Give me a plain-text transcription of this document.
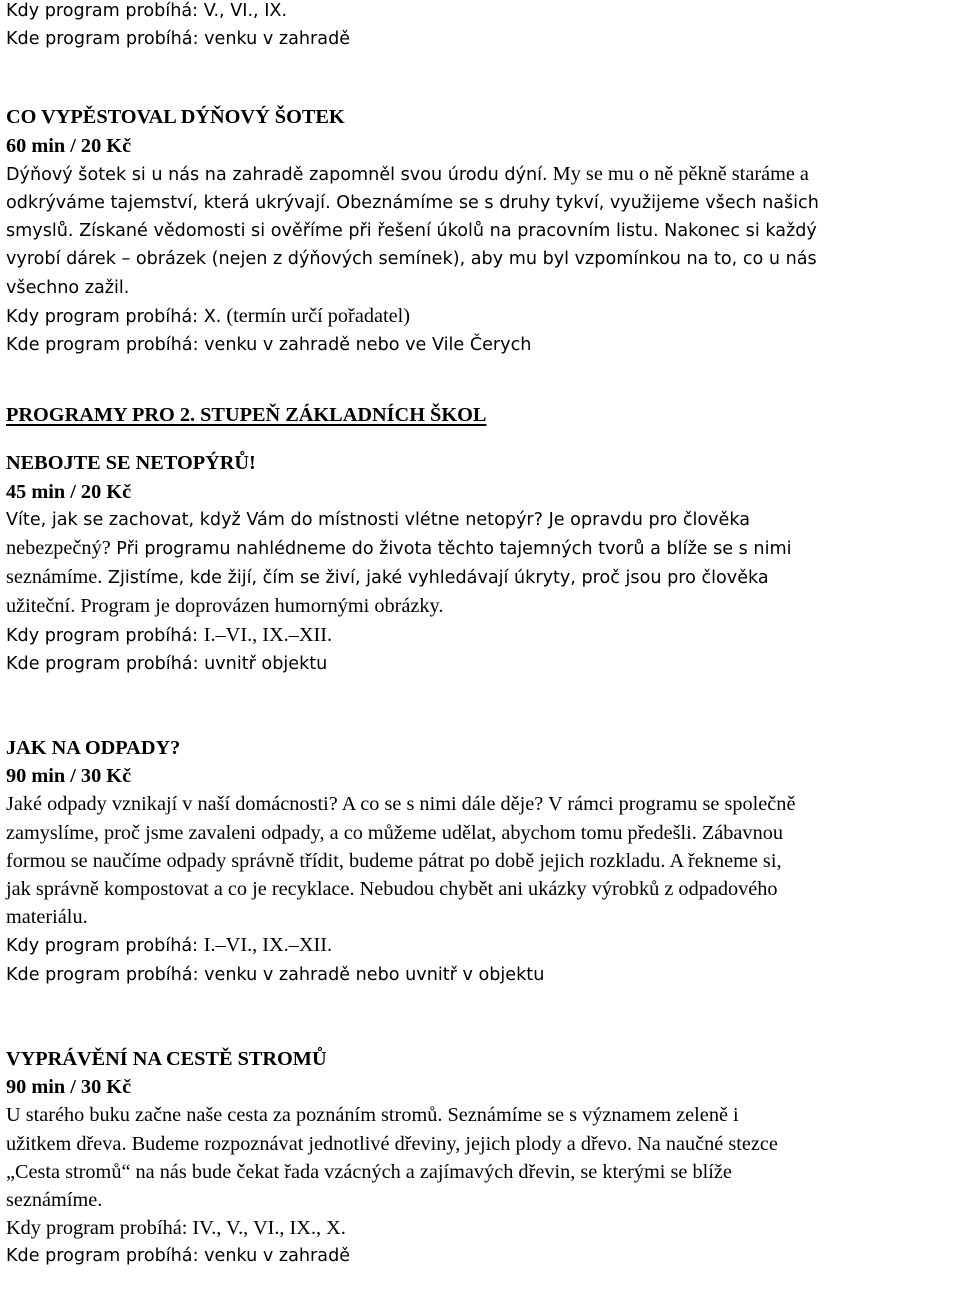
Kdy program probíhá: V., VI., IX.
Kde program probíhá: venku v zahradě
CO VYPĚSTOVAL DÝŇOVÝ ŠOTEK
60 min / 20 Kč
Dýňový šotek si u nás na zahradě zapomněl svou úrodu dýní. My se mu o ně pěkně staráme a
odkrýváme tajemství, která ukrývají. Obeznámíme se s druhy tykví, využijeme všech našich
smyslů. Získané vědomosti si ověříme při řešení úkolů na pracovním listu. Nakonec si každý
vyrobí dárek – obrázek (nejen z dýňových semínek), aby mu byl vzpomínkou na to, co u nás
všechno zažil.
Kdy program probíhá: X. (termín určí pořadatel)
Kde program probíhá: venku v zahradě nebo ve Vile Čerych
PROGRAMY PRO 2. STUPEŇ ZÁKLADNÍCH ŠKOL
NEBOJTE SE NETOPÝRŮ!
45 min / 20 Kč
Víte, jak se zachovat, když Vám do místnosti vlétne netopýr? Je opravdu pro člověka
nebezpečný? Při programu nahlédneme do života těchto tajemných tvorů a blíže se s nimi
seznámíme. Zjistíme, kde žijí, čím se živí, jaké vyhledávají úkryty, proč jsou pro člověka
užiteční. Program je doprovázen humornými obrázky.
Kdy program probíhá: I.–VI., IX.–XII.
Kde program probíhá: uvnitř objektu
JAK NA ODPADY?
90 min / 30 Kč
Jaké odpady vznikají v naší domácnosti? A co se s nimi dále děje? V rámci programu se společně
zamyslíme, proč jsme zavaleni odpady, a co můžeme udělat, abychom tomu předešli. Zábavnou
formou se naučíme odpady správně třídit, budeme pátrat po době jejich rozkladu. A řekneme si,
jak správně kompostovat a co je recyklace. Nebudou chybět ani ukázky výrobků z odpadového
materiálu.
Kdy program probíhá: I.–VI., IX.–XII.
Kde program probíhá: venku v zahradě nebo uvnitř v objektu
VYPRÁVĚNÍ NA CESTĚ STROMŮ
90 min / 30 Kč
U starého buku začne naše cesta za poznáním stromů. Seznámíme se s významem zeleně i
užitkem dřeva. Budeme rozpoznávat jednotlivé dřeviny, jejich plody a dřevo. Na naučné stezce
„Cesta stromů“ na nás bude čekat řada vzácných a zajímavých dřevin, se kterými se blíže
seznámíme.
Kdy program probíhá: IV., V., VI., IX., X.
Kde program probíhá: venku v zahradě
